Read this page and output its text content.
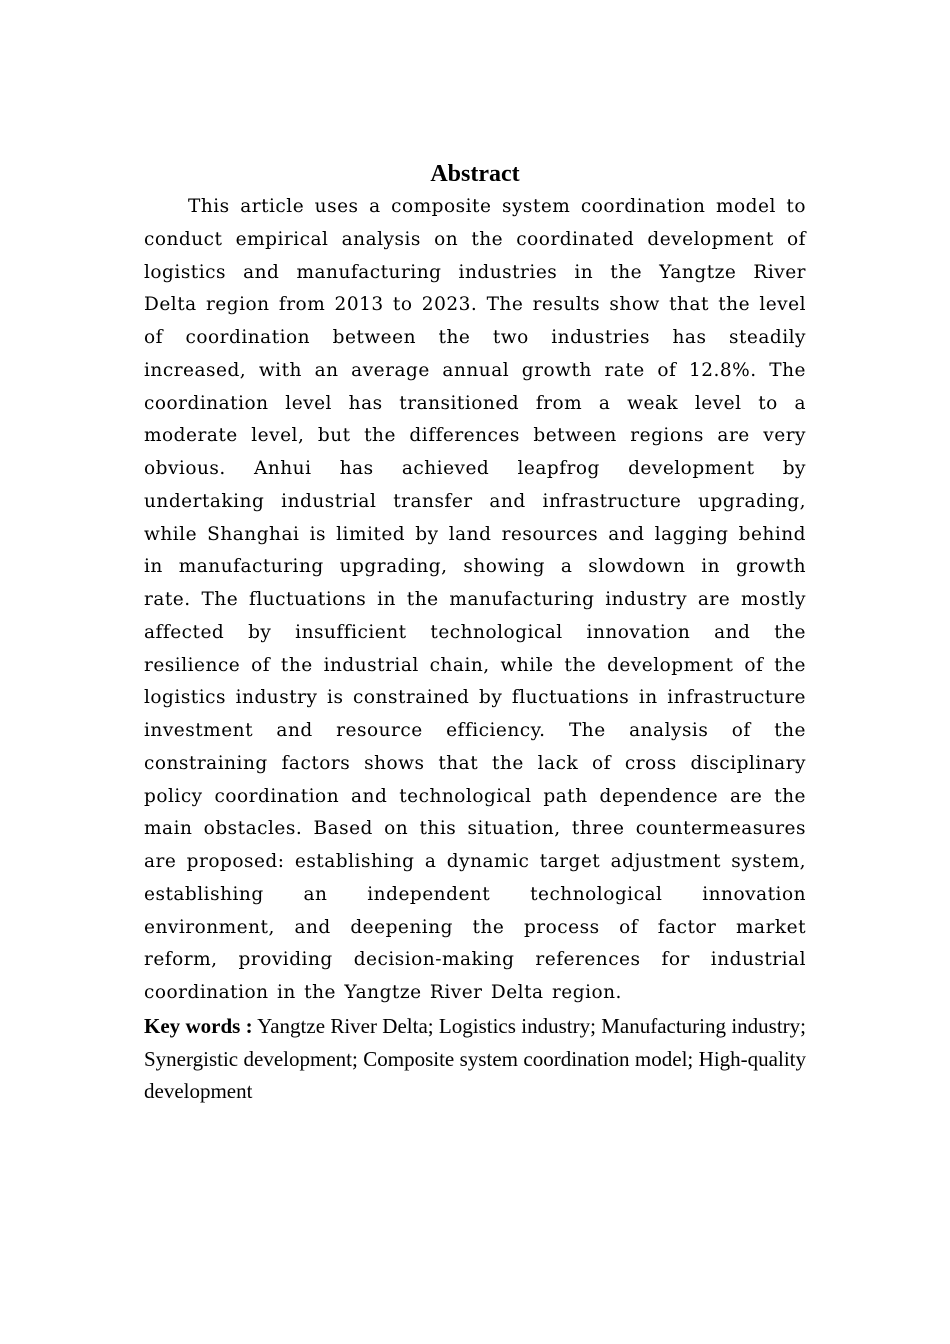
Abstract

This article uses a composite system coordination model to conduct empirical analysis on the coordinated development of logistics and manufacturing industries in the Yangtze River Delta region from 2013 to 2023. The results show that the level of coordination between the two industries has steadily increased, with an average annual growth rate of 12.8%. The coordination level has transitioned from a weak level to a moderate level, but the differences between regions are very obvious. Anhui has achieved leapfrog development by undertaking industrial transfer and infrastructure upgrading, while Shanghai is limited by land resources and lagging behind in manufacturing upgrading, showing a slowdown in growth rate. The fluctuations in the manufacturing industry are mostly affected by insufficient technological innovation and the resilience of the industrial chain, while the development of the logistics industry is constrained by fluctuations in infrastructure investment and resource efficiency. The analysis of the constraining factors shows that the lack of cross disciplinary policy coordination and technological path dependence are the main obstacles. Based on this situation, three countermeasures are proposed: establishing a dynamic target adjustment system, establishing an independent technological innovation environment, and deepening the process of factor market reform, providing decision-making references for industrial coordination in the Yangtze River Delta region.

Key words : Yangtze River Delta; Logistics industry; Manufacturing industry; Synergistic development; Composite system coordination model; High-quality development
